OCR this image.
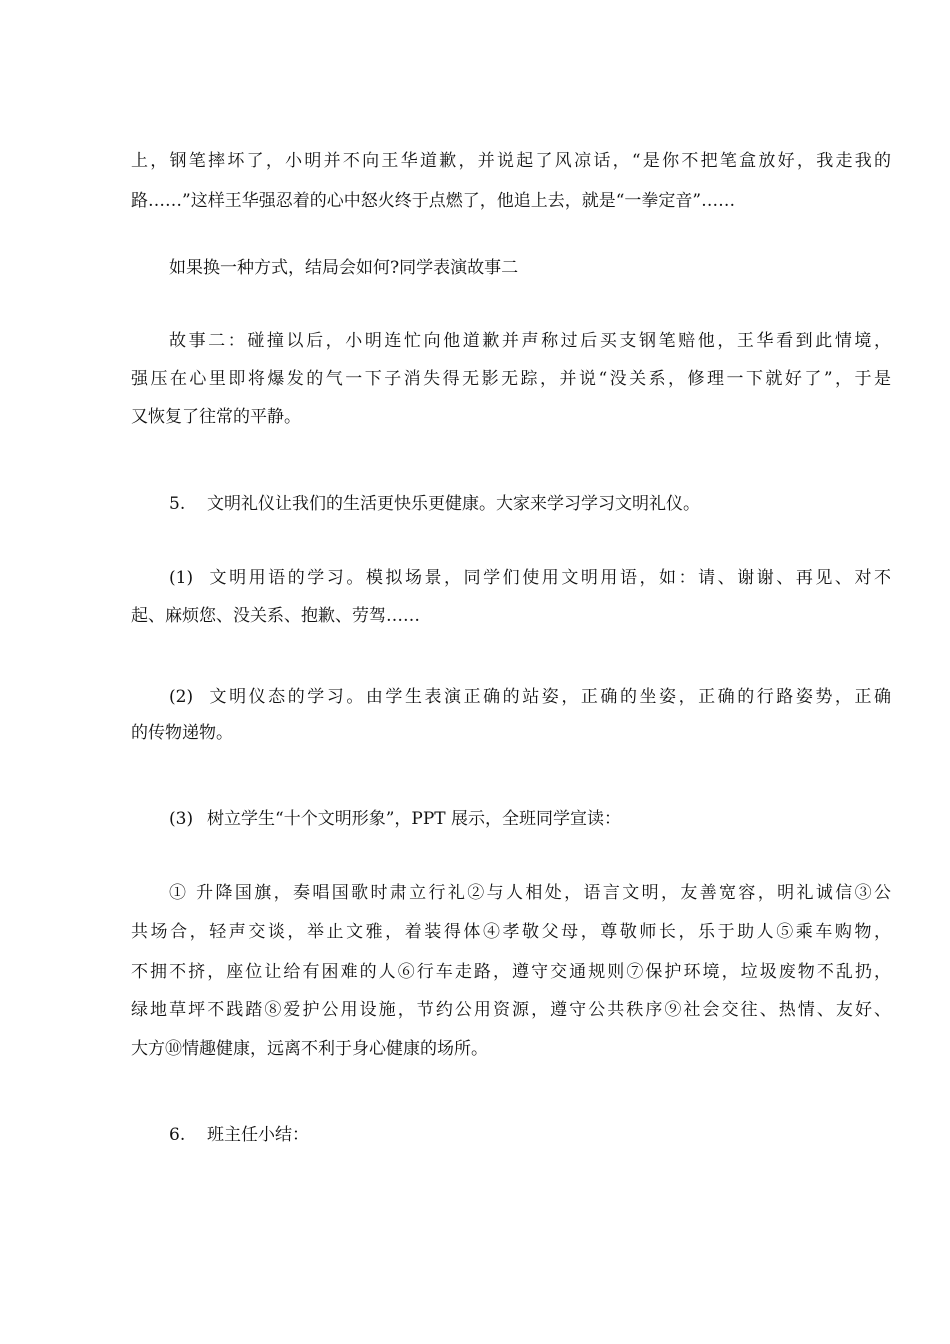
上，钢笔摔坏了，小明并不向王华道歉，并说起了风凉话，“是你不把笔盒放好，我走我的
路……”这样王华强忍着的心中怒火终于点燃了，他追上去，就是“一拳定音”……
如果换一种方式，结局会如何?同学表演故事二
故事二：碰撞以后，小明连忙向他道歉并声称过后买支钢笔赔他，王华看到此情境，
强压在心里即将爆发的气一下子消失得无影无踪，并说“没关系，修理一下就好了”，于是
又恢复了往常的平静。
5. 文明礼仪让我们的生活更快乐更健康。大家来学习学习文明礼仪。
(1) 文明用语的学习。模拟场景，同学们使用文明用语，如：请、谢谢、再见、对不
起、麻烦您、没关系、抱歉、劳驾……
(2) 文明仪态的学习。由学生表演正确的站姿，正确的坐姿，正确的行路姿势，正确
的传物递物。
(3) 树立学生“十个文明形象”，PPT 展示，全班同学宣读：
① 升降国旗，奏唱国歌时肃立行礼②与人相处，语言文明，友善宽容，明礼诚信③公
共场合，轻声交谈，举止文雅，着装得体④孝敬父母，尊敬师长，乐于助人⑤乘车购物，
不拥不挤，座位让给有困难的人⑥行车走路，遵守交通规则⑦保护环境，垃圾废物不乱扔，
绿地草坪不践踏⑧爱护公用设施，节约公用资源，遵守公共秩序⑨社会交往、热情、友好、
大方⑩情趣健康，远离不利于身心健康的场所。
6. 班主任小结：
